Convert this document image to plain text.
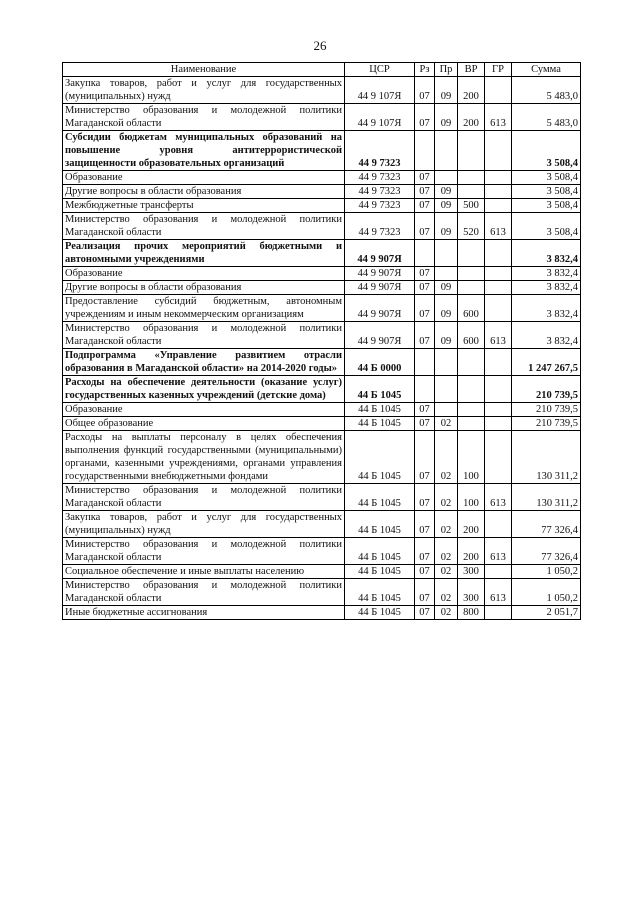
26
Наименование	ЦСР	Рз	Пр	ВР	ГР	Сумма
Закупка товаров, работ и услуг для государственных (муниципальных) нужд	44 9 107Я	07	09	200		5 483,0
Министерство образования и молодежной политики Магаданской области	44 9 107Я	07	09	200	613	5 483,0
Субсидии бюджетам муниципальных образований на повышение уровня антитеррористической защищенности образовательных организаций	44 9 7323					3 508,4
Образование	44 9 7323	07				3 508,4
Другие вопросы в области образования	44 9 7323	07	09			3 508,4
Межбюджетные трансферты	44 9 7323	07	09	500		3 508,4
Министерство образования и молодежной политики Магаданской области	44 9 7323	07	09	520	613	3 508,4
Реализация прочих мероприятий бюджетными и автономными учреждениями	44 9 907Я					3 832,4
Образование	44 9 907Я	07				3 832,4
Другие вопросы в области образования	44 9 907Я	07	09			3 832,4
Предоставление субсидий бюджетным, автономным учреждениям и иным некоммерческим организациям	44 9 907Я	07	09	600		3 832,4
Министерство образования и молодежной политики Магаданской области	44 9 907Я	07	09	600	613	3 832,4
Подпрограмма «Управление развитием отрасли образования в Магаданской области» на 2014-2020 годы»	44 Б 0000					1 247 267,5
Расходы на обеспечение деятельности (оказание услуг) государственных казенных учреждений (детские дома)	44 Б 1045					210 739,5
Образование	44 Б 1045	07				210 739,5
Общее образование	44 Б 1045	07	02			210 739,5
Расходы на выплаты персоналу в целях обеспечения выполнения функций государственными (муниципальными) органами, казенными учреждениями, органами управления государственными внебюджетными фондами	44 Б 1045	07	02	100		130 311,2
Министерство образования и молодежной политики Магаданской области	44 Б 1045	07	02	100	613	130 311,2
Закупка товаров, работ и услуг для государственных (муниципальных) нужд	44 Б 1045	07	02	200		77 326,4
Министерство образования и молодежной политики Магаданской области	44 Б 1045	07	02	200	613	77 326,4
Социальное обеспечение и иные выплаты населению	44 Б 1045	07	02	300		1 050,2
Министерство образования и молодежной политики Магаданской области	44 Б 1045	07	02	300	613	1 050,2
Иные бюджетные ассигнования	44 Б 1045	07	02	800		2 051,7
